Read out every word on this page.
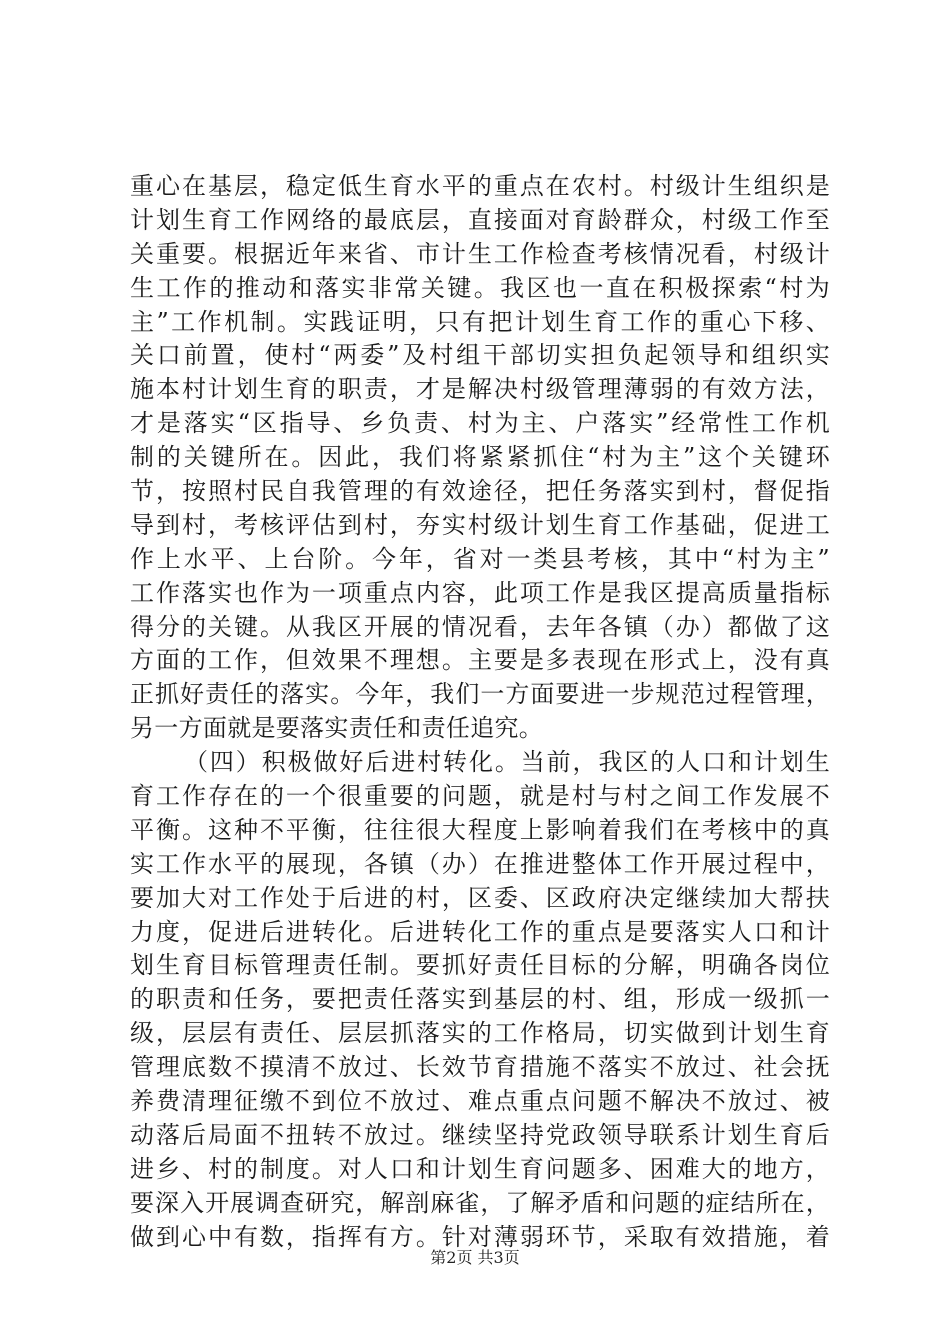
重心在基层，稳定低生育水平的重点在农村。村级计生组织是
计划生育工作网络的最底层，直接面对育龄群众，村级工作至
关重要。根据近年来省、市计生工作检查考核情况看，村级计
生工作的推动和落实非常关键。我区也一直在积极探索“村为
主”工作机制。实践证明，只有把计划生育工作的重心下移、
关口前置，使村“两委”及村组干部切实担负起领导和组织实
施本村计划生育的职责，才是解决村级管理薄弱的有效方法，
才是落实“区指导、乡负责、村为主、户落实”经常性工作机
制的关键所在。因此，我们将紧紧抓住“村为主”这个关键环
节，按照村民自我管理的有效途径，把任务落实到村，督促指
导到村，考核评估到村，夯实村级计划生育工作基础，促进工
作上水平、上台阶。今年，省对一类县考核，其中“村为主”
工作落实也作为一项重点内容，此项工作是我区提高质量指标
得分的关键。从我区开展的情况看，去年各镇（办）都做了这
方面的工作，但效果不理想。主要是多表现在形式上，没有真
正抓好责任的落实。今年，我们一方面要进一步规范过程管理，
另一方面就是要落实责任和责任追究。
（四）积极做好后进村转化。当前，我区的人口和计划生
育工作存在的一个很重要的问题，就是村与村之间工作发展不
平衡。这种不平衡，往往很大程度上影响着我们在考核中的真
实工作水平的展现，各镇（办）在推进整体工作开展过程中，
要加大对工作处于后进的村，区委、区政府决定继续加大帮扶
力度，促进后进转化。后进转化工作的重点是要落实人口和计
划生育目标管理责任制。要抓好责任目标的分解，明确各岗位
的职责和任务，要把责任落实到基层的村、组，形成一级抓一
级，层层有责任、层层抓落实的工作格局，切实做到计划生育
管理底数不摸清不放过、长效节育措施不落实不放过、社会抚
养费清理征缴不到位不放过、难点重点问题不解决不放过、被
动落后局面不扭转不放过。继续坚持党政领导联系计划生育后
进乡、村的制度。对人口和计划生育问题多、困难大的地方，
要深入开展调查研究，解剖麻雀，了解矛盾和问题的症结所在，
做到心中有数，指挥有方。针对薄弱环节，采取有效措施，着
第2页 共3页
